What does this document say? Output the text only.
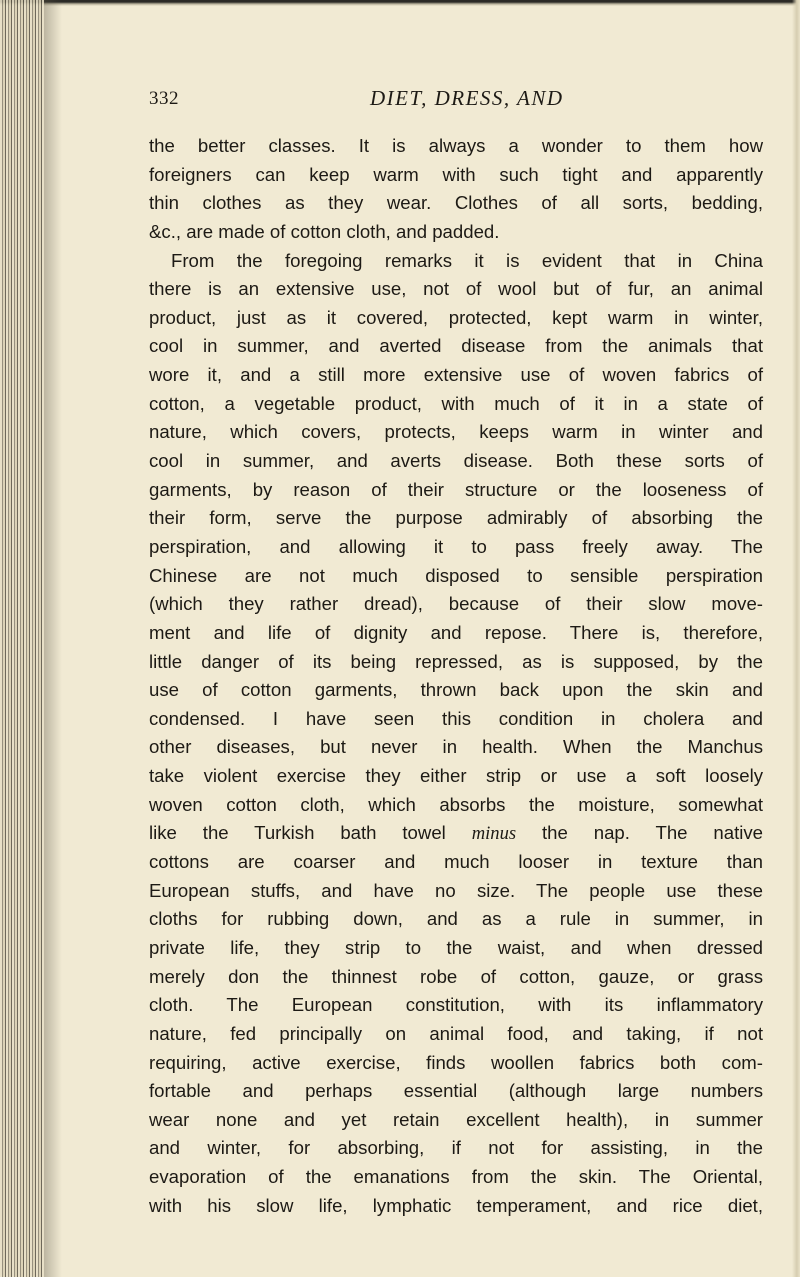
332	DIET, DRESS, AND
the better classes. It is always a wonder to them how
foreigners can keep warm with such tight and apparently
thin clothes as they wear. Clothes of all sorts, bedding,
&c., are made of cotton cloth, and padded.
From the foregoing remarks it is evident that in China
there is an extensive use, not of wool but of fur, an animal
product, just as it covered, protected, kept warm in winter,
cool in summer, and averted disease from the animals that
wore it, and a still more extensive use of woven fabrics of
cotton, a vegetable product, with much of it in a state of
nature, which covers, protects, keeps warm in winter and
cool in summer, and averts disease. Both these sorts of
garments, by reason of their structure or the looseness of
their form, serve the purpose admirably of absorbing the
perspiration, and allowing it to pass freely away. The
Chinese are not much disposed to sensible perspiration
(which they rather dread), because of their slow move-
ment and life of dignity and repose. There is, therefore,
little danger of its being repressed, as is supposed, by the
use of cotton garments, thrown back upon the skin and
condensed. I have seen this condition in cholera and
other diseases, but never in health. When the Manchus
take violent exercise they either strip or use a soft loosely
woven cotton cloth, which absorbs the moisture, somewhat
like the Turkish bath towel minus the nap. The native
cottons are coarser and much looser in texture than
European stuffs, and have no size. The people use these
cloths for rubbing down, and as a rule in summer, in
private life, they strip to the waist, and when dressed
merely don the thinnest robe of cotton, gauze, or grass
cloth. The European constitution, with its inflammatory
nature, fed principally on animal food, and taking, if not
requiring, active exercise, finds woollen fabrics both com-
fortable and perhaps essential (although large numbers
wear none and yet retain excellent health), in summer
and winter, for absorbing, if not for assisting, in the
evaporation of the emanations from the skin. The Oriental,
with his slow life, lymphatic temperament, and rice diet,
